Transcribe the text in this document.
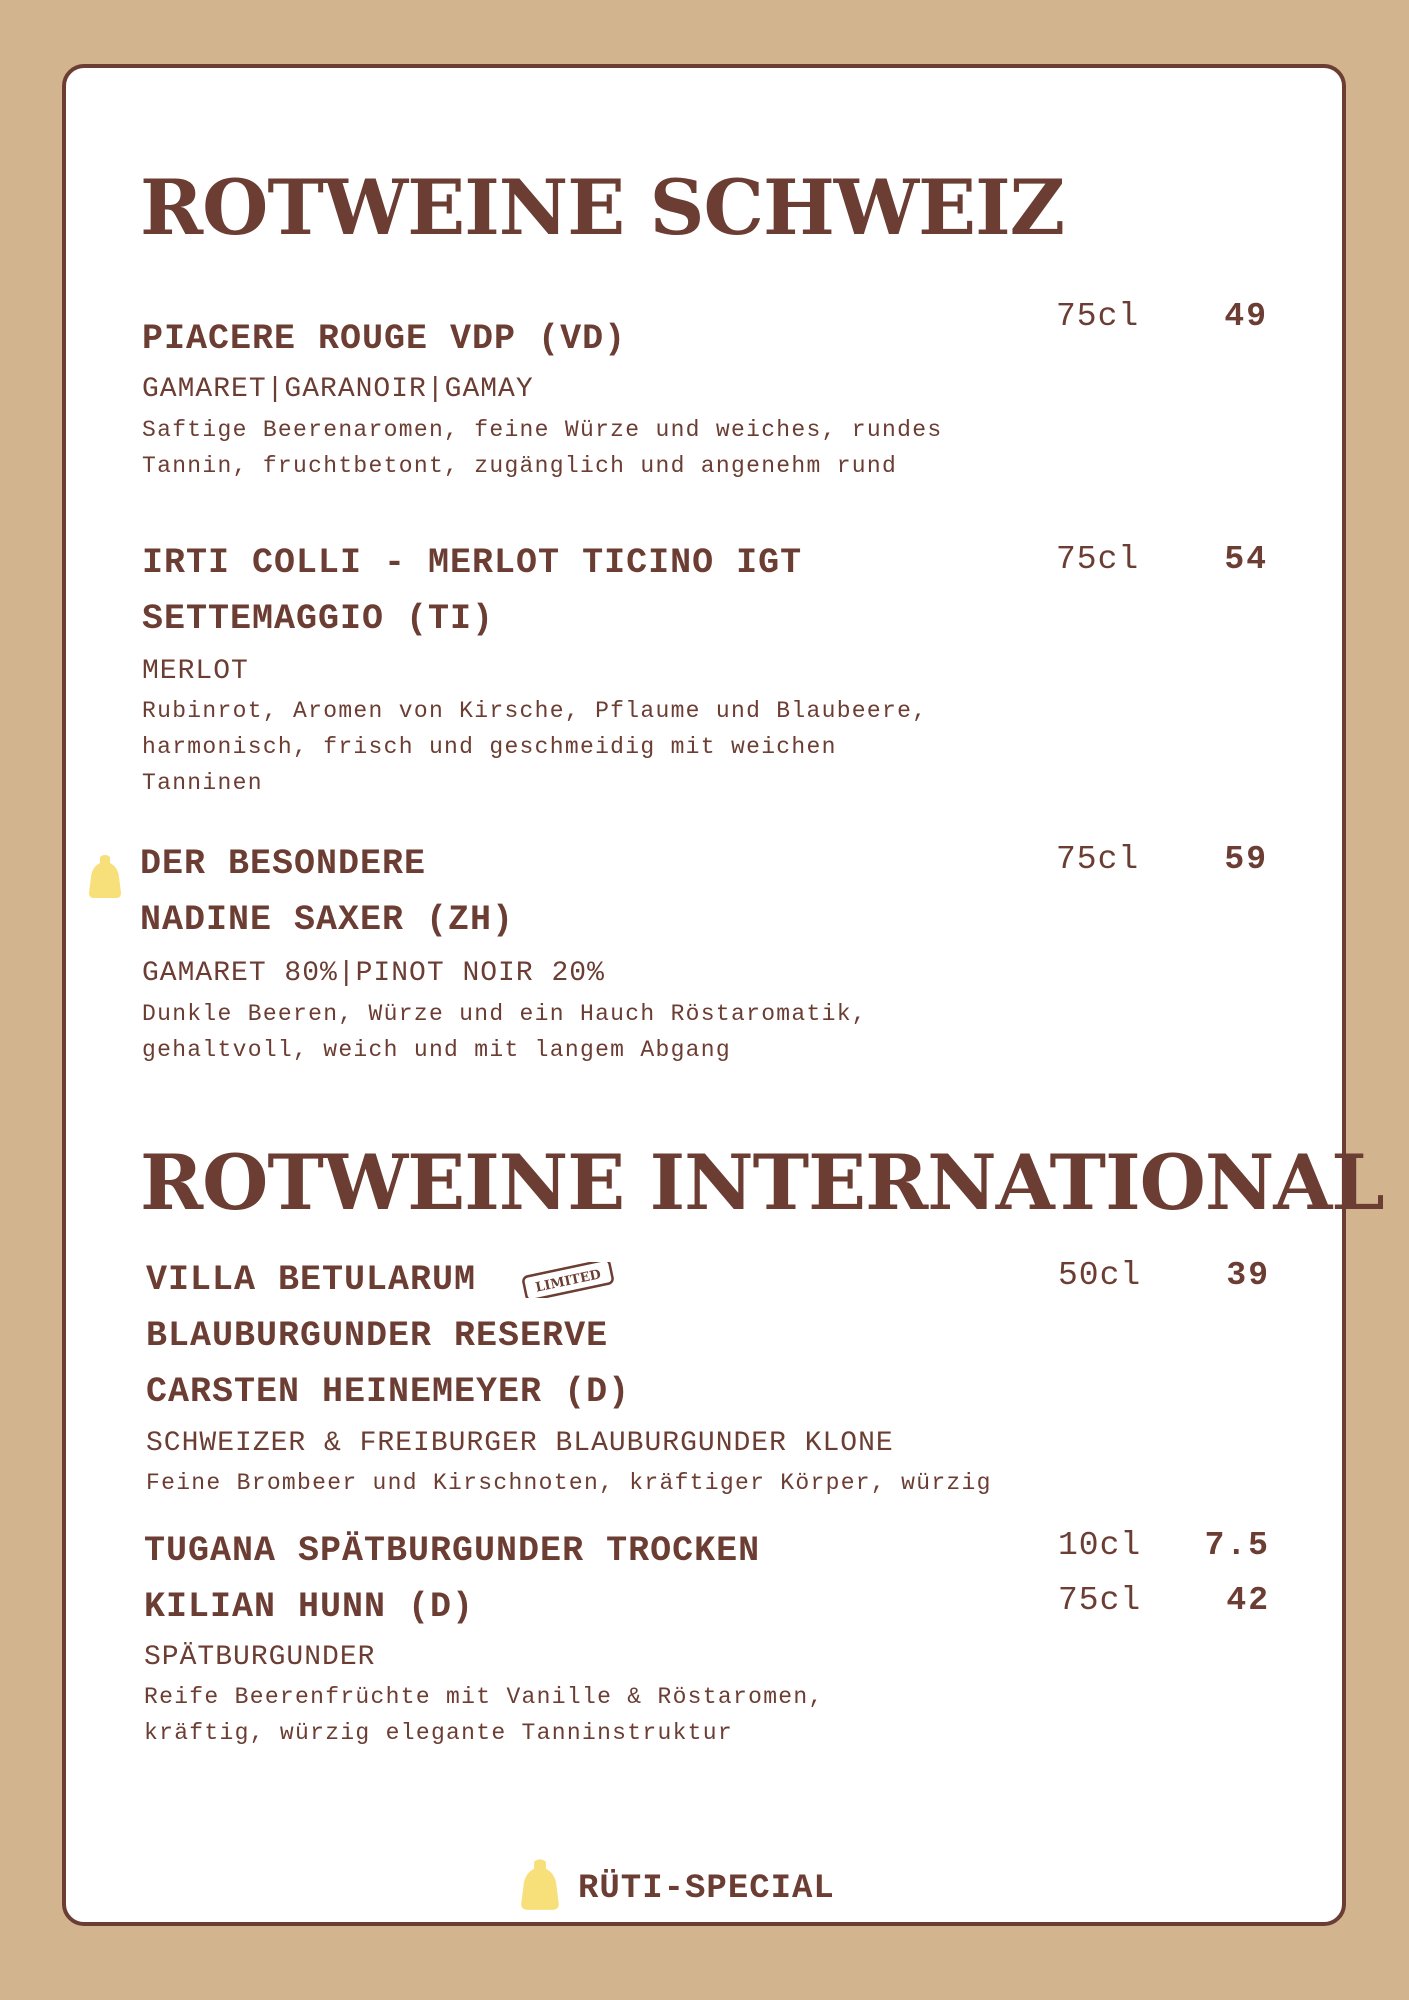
ROTWEINE SCHWEIZ
PIACERE ROUGE VDP (VD)
GAMARET|GARANOIR|GAMAY
Saftige Beerenaromen, feine Würze und weiches, rundes
Tannin, fruchtbetont, zugänglich und angenehm rund
75cl	49
IRTI COLLI - MERLOT TICINO IGT
SETTEMAGGIO (TI)
MERLOT
Rubinrot, Aromen von Kirsche, Pflaume und Blaubeere,
harmonisch, frisch und geschmeidig mit weichen
Tanninen
75cl	54
DER BESONDERE
NADINE SAXER (ZH)
GAMARET 80%|PINOT NOIR 20%
Dunkle Beeren, Würze und ein Hauch Röstaromatik,
gehaltvoll, weich und mit langem Abgang
75cl	59
ROTWEINE INTERNATIONAL
VILLA BETULARUM	LIMITED
BLAUBURGUNDER RESERVE
CARSTEN HEINEMEYER (D)
SCHWEIZER & FREIBURGER BLAUBURGUNDER KLONE
Feine Brombeer und Kirschnoten, kräftiger Körper, würzig
50cl	39
TUGANA SPÄTBURGUNDER TROCKEN
KILIAN HUNN (D)
SPÄTBURGUNDER
Reife Beerenfrüchte mit Vanille & Röstaromen,
kräftig, würzig elegante Tanninstruktur
10cl	7.5
75cl	42
RÜTI-SPECIAL
